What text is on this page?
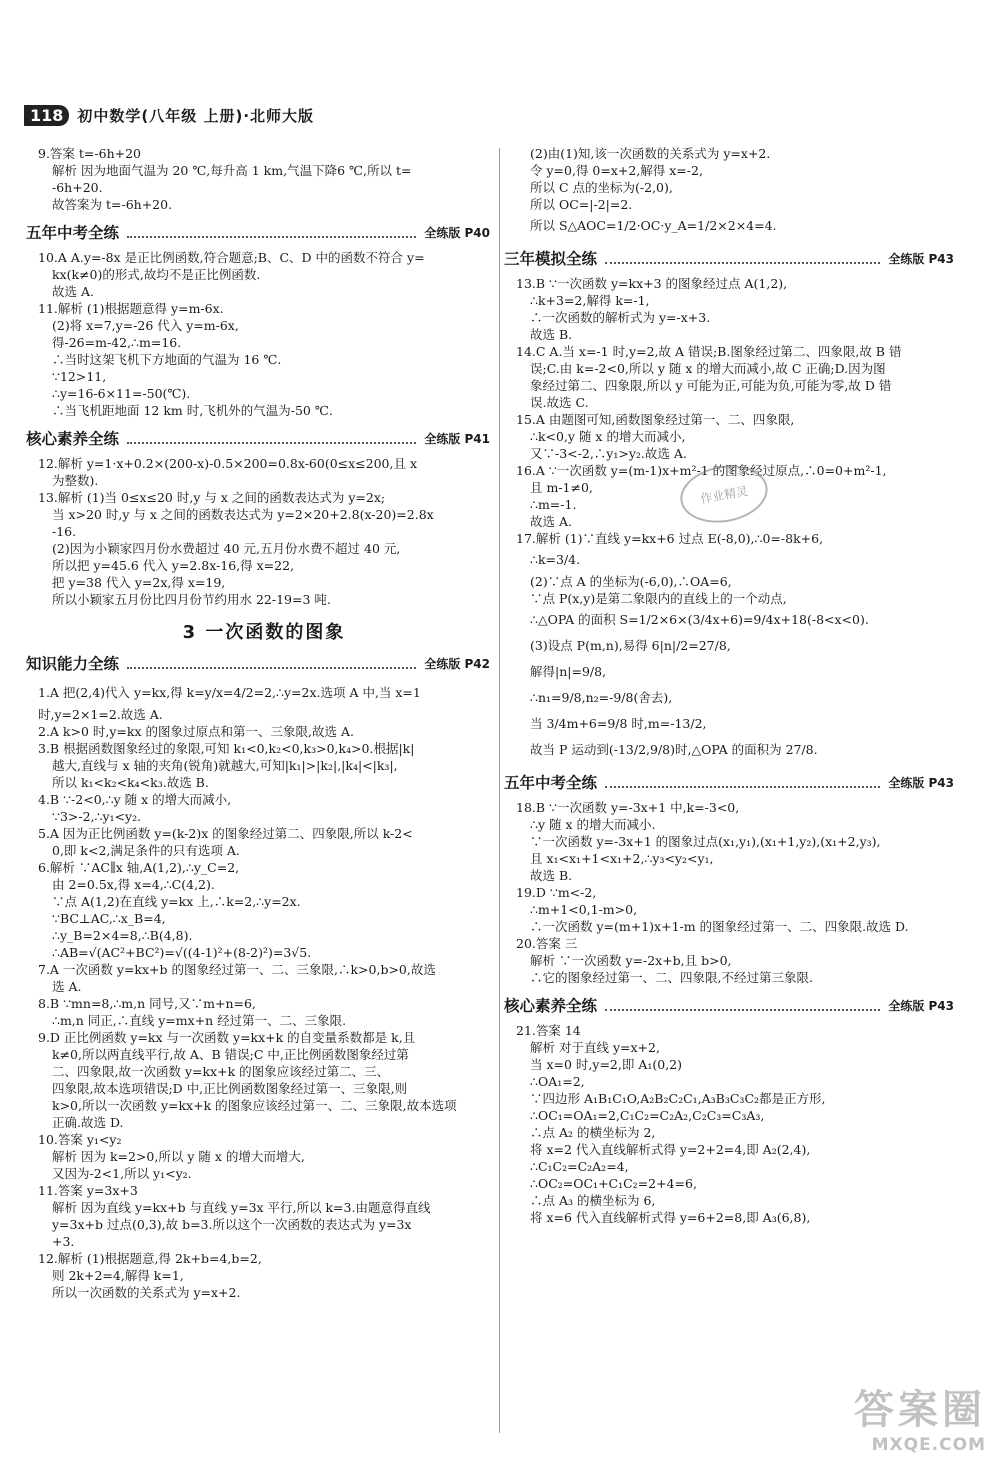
118 初中数学(八年级 上册)·北师大版

9.答案 t=-6h+20

解析 因为地面气温为 20 ℃,每升高 1 km,气温下降6 ℃,所以 t=

-6h+20.

故答案为 t=-6h+20.

五年中考全练	全练版 P40

10.A A.y=-8x 是正比例函数,符合题意;B、C、D 中的函数不符合 y=

kx(k≠0)的形式,故均不是正比例函数.

故选 A.

11.解析 (1)根据题意得 y=m-6x.

(2)将 x=7,y=-26 代入 y=m-6x,

得-26=m-42,∴m=16.

∴当时这架飞机下方地面的气温为 16 ℃.

∵12>11,

∴y=16-6×11=-50(℃).

∴当飞机距地面 12 km 时,飞机外的气温为-50 ℃.

核心素养全练	全练版 P41

12.解析 y=1·x+0.2×(200-x)-0.5×200=0.8x-60(0≤x≤200,且 x

为整数).

13.解析 (1)当 0≤x≤20 时,y 与 x 之间的函数表达式为 y=2x;

当 x>20 时,y 与 x 之间的函数表达式为 y=2×20+2.8(x-20)=2.8x

-16.

(2)因为小颖家四月份水费超过 40 元,五月份水费不超过 40 元,

所以把 y=45.6 代入 y=2.8x-16,得 x=22,

把 y=38 代入 y=2x,得 x=19,

所以小颖家五月份比四月份节约用水 22-19=3 吨.

3 一次函数的图象
知识能力全练	全练版 P42

1.A 把(2,4)代入 y=kx,得 k=y/x=4/2=2,∴y=2x.选项 A 中,当 x=1

时,y=2×1=2.故选 A.

2.A k>0 时,y=kx 的图象过原点和第一、三象限,故选 A.

3.B 根据函数图象经过的象限,可知 k₁<0,k₂<0,k₃>0,k₄>0.根据|k|

越大,直线与 x 轴的夹角(锐角)就越大,可知|k₁|>|k₂|,|k₄|<|k₃|,

所以 k₁<k₂<k₄<k₃.故选 B.

4.B ∵-2<0,∴y 随 x 的增大而减小,

∵3>-2,∴y₁<y₂.

5.A 因为正比例函数 y=(k-2)x 的图象经过第二、四象限,所以 k-2<

0,即 k<2,满足条件的只有选项 A.

6.解析 ∵AC∥x 轴,A(1,2),∴y_C=2,

由 2=0.5x,得 x=4,∴C(4,2).

∵点 A(1,2)在直线 y=kx 上,∴k=2,∴y=2x.

∵BC⊥AC,∴x_B=4,

∴y_B=2×4=8,∴B(4,8).

∴AB=√(AC²+BC²)=√((4-1)²+(8-2)²)=3√5.

7.A 一次函数 y=kx+b 的图象经过第一、二、三象限,∴k>0,b>0,故选

选 A.

8.B ∵mn=8,∴m,n 同号,又∵m+n=6,

∴m,n 同正,∴直线 y=mx+n 经过第一、二、三象限.

9.D 正比例函数 y=kx 与一次函数 y=kx+k 的自变量系数都是 k,且

k≠0,所以两直线平行,故 A、B 错误;C 中,正比例函数图象经过第

二、四象限,故一次函数 y=kx+k 的图象应该经过第二、三、

四象限,故本选项错误;D 中,正比例函数图象经过第一、三象限,则

k>0,所以一次函数 y=kx+k 的图象应该经过第一、二、三象限,故本选项

正确.故选 D.

10.答案 y₁<y₂

解析 因为 k=2>0,所以 y 随 x 的增大而增大,

又因为-2<1,所以 y₁<y₂.

11.答案 y=3x+3

解析 因为直线 y=kx+b 与直线 y=3x 平行,所以 k=3.由题意得直线

y=3x+b 过点(0,3),故 b=3.所以这个一次函数的表达式为 y=3x

+3.

12.解析 (1)根据题意,得 2k+b=4,b=2,

则 2k+2=4,解得 k=1,

所以一次函数的关系式为 y=x+2.

(2)由(1)知,该一次函数的关系式为 y=x+2.

令 y=0,得 0=x+2,解得 x=-2,

所以 C 点的坐标为(-2,0),

所以 OC=|-2|=2.

所以 S△AOC=1/2·OC·y_A=1/2×2×4=4.

三年模拟全练	全练版 P43

13.B ∵一次函数 y=kx+3 的图象经过点 A(1,2),

∴k+3=2,解得 k=-1,

∴一次函数的解析式为 y=-x+3.

故选 B.

14.C A.当 x=-1 时,y=2,故 A 错误;B.图象经过第二、四象限,故 B 错

误;C.由 k=-2<0,所以 y 随 x 的增大而减小,故 C 正确;D.因为图

象经过第二、四象限,所以 y 可能为正,可能为负,可能为零,故 D 错

误.故选 C.

15.A 由题图可知,函数图象经过第一、二、四象限,

∴k<0,y 随 x 的增大而减小,

又∵-3<-2,∴y₁>y₂.故选 A.

16.A ∵一次函数 y=(m-1)x+m²-1 的图象经过原点,∴0=0+m²-1,

且 m-1≠0,

∴m=-1.

故选 A.

17.解析 (1)∵直线 y=kx+6 过点 E(-8,0),∴0=-8k+6,

∴k=3/4.

(2)∵点 A 的坐标为(-6,0),∴OA=6,

∵点 P(x,y)是第二象限内的直线上的一个动点,

∴△OPA 的面积 S=1/2×6×(3/4x+6)=9/4x+18(-8<x<0).

(3)设点 P(m,n),易得 6|n|/2=27/8,

解得|n|=9/8,

∴n₁=9/8,n₂=-9/8(舍去),

当 3/4m+6=9/8 时,m=-13/2,

故当 P 运动到(-13/2,9/8)时,△OPA 的面积为 27/8.

五年中考全练	全练版 P43

18.B ∵一次函数 y=-3x+1 中,k=-3<0,

∴y 随 x 的增大而减小.

∵一次函数 y=-3x+1 的图象过点(x₁,y₁),(x₁+1,y₂),(x₁+2,y₃),

且 x₁<x₁+1<x₁+2,∴y₃<y₂<y₁,

故选 B.

19.D ∵m<-2,

∴m+1<0,1-m>0,

∴一次函数 y=(m+1)x+1-m 的图象经过第一、二、四象限.故选 D.

20.答案 三

解析 ∵一次函数 y=-2x+b,且 b>0,

∴它的图象经过第一、二、四象限,不经过第三象限.

核心素养全练	全练版 P43

21.答案 14

解析 对于直线 y=x+2,

当 x=0 时,y=2,即 A₁(0,2)

∴OA₁=2,

∵四边形 A₁B₁C₁O,A₂B₂C₂C₁,A₃B₃C₃C₂都是正方形,

∴OC₁=OA₁=2,C₁C₂=C₂A₂,C₂C₃=C₃A₃,

∴点 A₂ 的横坐标为 2,

将 x=2 代入直线解析式得 y=2+2=4,即 A₂(2,4),

∴C₁C₂=C₂A₂=4,

∴OC₂=OC₁+C₁C₂=2+4=6,

∴点 A₃ 的横坐标为 6,

将 x=6 代入直线解析式得 y=6+2=8,即 A₃(6,8),

作业精灵
答案圈
MXQE.COM
